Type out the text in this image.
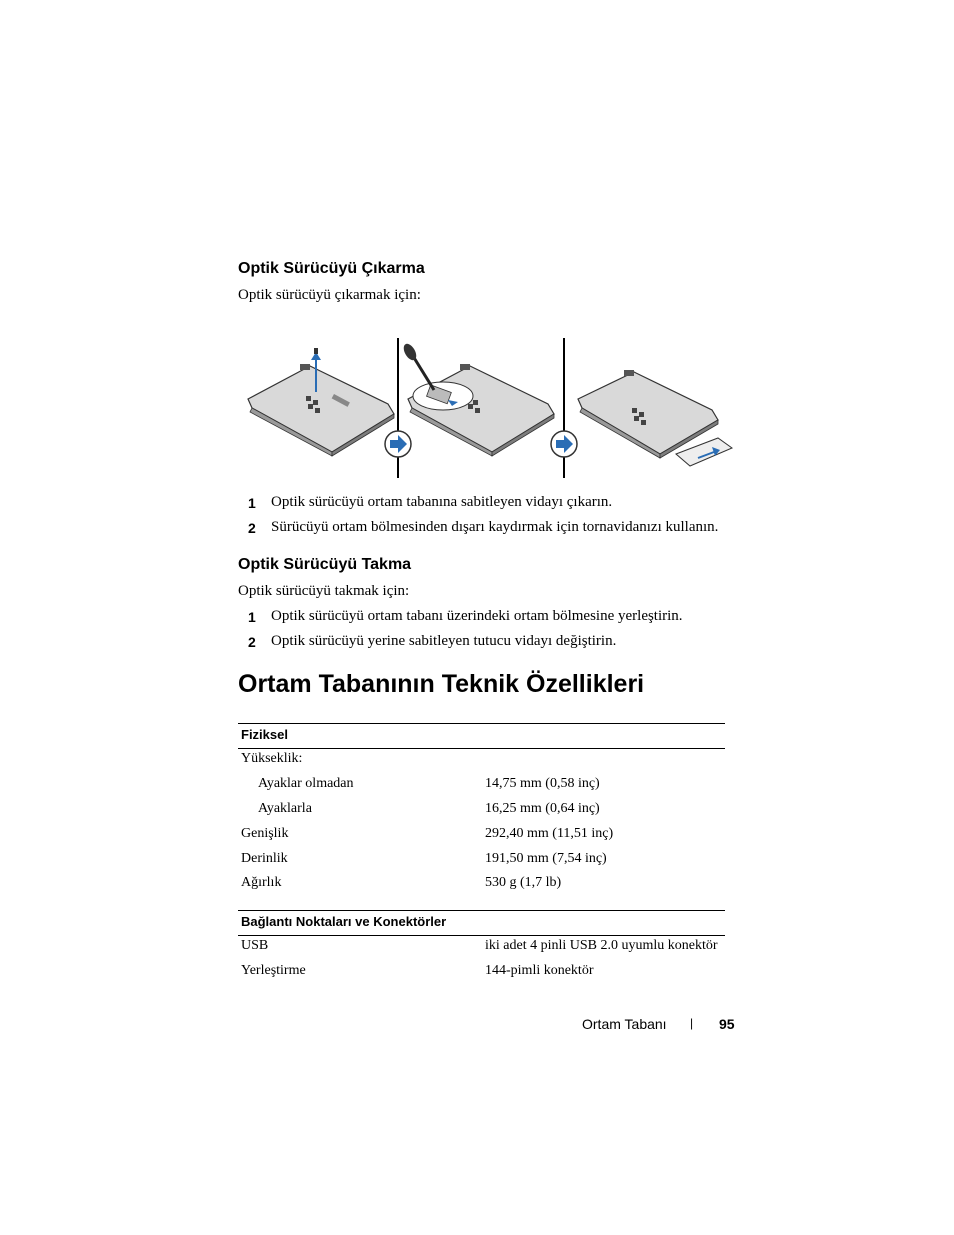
Optik Sürücüyü Çıkarma
Optik sürücüyü çıkarmak için:
1 Optik sürücüyü ortam tabanına sabitleyen vidayı çıkarın.
2 Sürücüyü ortam bölmesinden dışarı kaydırmak için tornavidanızı kullanın.
Optik Sürücüyü Takma
Optik sürücüyü takmak için:
1 Optik sürücüyü ortam tabanı üzerindeki ortam bölmesine yerleştirin.
2 Optik sürücüyü yerine sabitleyen tutucu vidayı değiştirin.
Ortam Tabanının Teknik Özellikleri
Fiziksel
Yükseklik:
Ayaklar olmadan	14,75 mm (0,58 inç)
Ayaklarla	16,25 mm (0,64 inç)
Genişlik	292,40 mm (11,51 inç)
Derinlik	191,50 mm (7,54 inç)
Ağırlık	530 g (1,7 lb)
Bağlantı Noktaları ve Konektörler
USB	iki adet 4 pinli USB 2.0 uyumlu konektör
Yerleştirme	144-pimli konektör
Ortam Tabanı | 95
